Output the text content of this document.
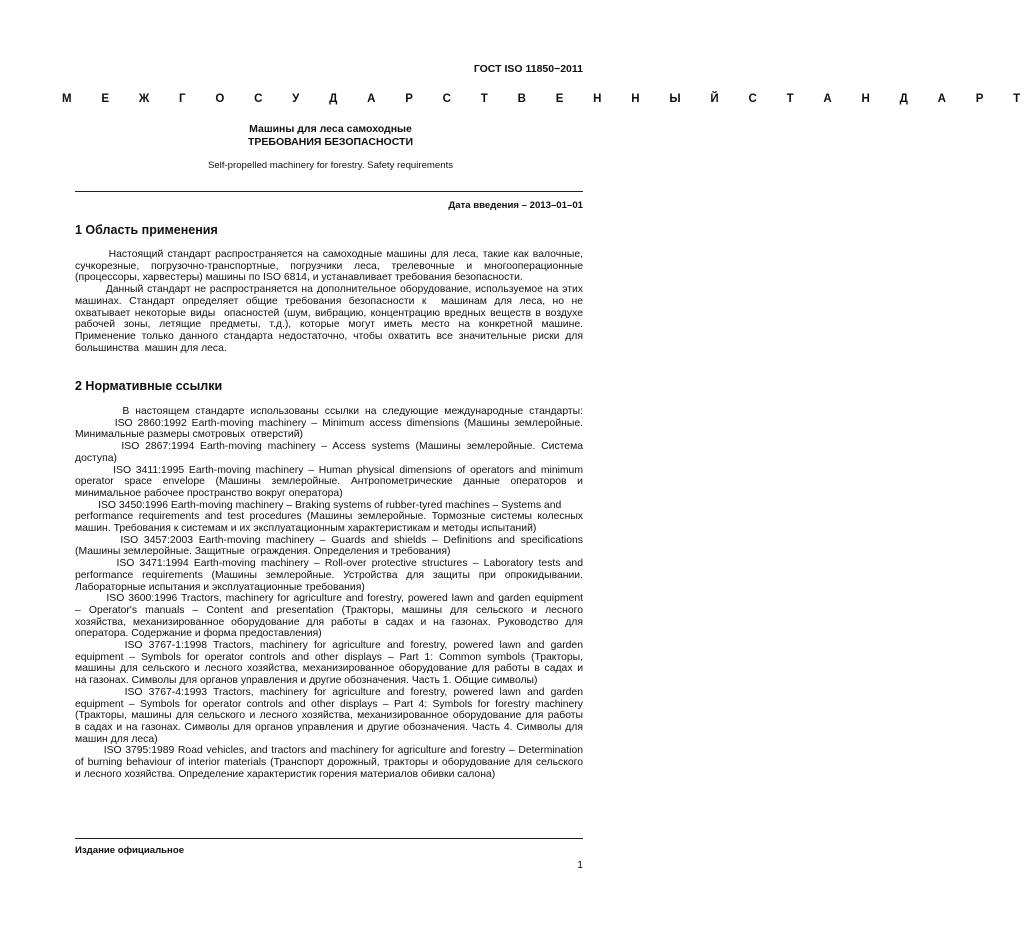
ГОСТ ISO 11850−2011
М Е Ж Г О С У Д А Р С Т В Е Н Н Ы Й С Т А Н Д А Р Т
Машины для леса самоходные
ТРЕБОВАНИЯ БЕЗОПАСНОСТИ
Self-propelled machinery for forestry. Safety requirements
Дата введения – 2013–01–01
1 Область применения
Настоящий стандарт распространяется на самоходные машины для леса, такие как валочные,
сучкорезные, погрузочно-транспортные, погрузчики леса, трелевочные и многооперационные
(процессоры, харвестеры) машины по ISO 6814, и устанавливает требования безопасности.
Данный стандарт не распространяется на дополнительное оборудование, используемое на этих
машинах. Стандарт определяет общие требования безопасности к  машинам для леса, но не
охватывает некоторые виды  опасностей (шум, вибрацию, концентрацию вредных веществ в воздухе
рабочей зоны, летящие предметы, т.д.), которые могут иметь место на конкретной машине.
Применение только данного стандарта недостаточно, чтобы охватить все значительные риски для
большинства  машин для леса.
2 Нормативные ссылки
В настоящем стандарте использованы ссылки на следующие международные стандарты:
ISO 2860:1992 Earth-moving machinery – Minimum access dimensions (Машины землеройные.
Минимальные размеры смотровых  отверстий)
ISO 2867:1994 Earth-moving machinery – Access systems (Машины землеройные. Система
доступа)
ISO 3411:1995 Earth-moving machinery – Human physical dimensions of operators and minimum
operator space envelope (Машины землеройные. Антропометрические данные операторов и
минимальное рабочее пространство вокруг оператора)
ISO 3450:1996 Earth-moving machinery – Braking systems of rubber-tyred machines – Systems and
performance requirements and test procedures (Машины землеройные. Тормозные системы колесных
машин. Требования к системам и их эксплуатационным характеристикам и методы испытаний)
ISO 3457:2003 Earth-moving machinery – Guards and shields – Definitions and specifications
(Машины землеройные. Защитные  ограждения. Определения и требования)
ISO 3471:1994 Earth-moving machinery – Roll-over protective structures – Laboratory tests and
performance requirements (Машины землеройные. Устройства для защиты при опрокидывании.
Лабораторные испытания и эксплуатационные требования)
ISO 3600:1996 Tractors, machinery for agriculture and forestry, powered lawn and garden equipment
– Operator's manuals – Content and presentation (Тракторы, машины для сельского и лесного
хозяйства, механизированное оборудование для работы в садах и на газонах. Руководство для
оператора. Содержание и форма предоставления)
ISO 3767-1:1998 Tractors, machinery for agriculture and forestry, powered lawn and garden
equipment – Symbols for operator controls and other displays – Part 1: Common symbols (Тракторы,
машины для сельского и лесного хозяйства, механизированное оборудование для работы в садах и
на газонах. Символы для органов управления и другие обозначения. Часть 1. Общие символы)
ISO 3767-4:1993 Tractors, machinery for agriculture and forestry, powered lawn and garden
equipment – Symbols for operator controls and other displays – Part 4: Symbols for forestry machinery
(Тракторы, машины для сельского и лесного хозяйства, механизированное оборудование для работы
в садах и на газонах. Символы для органов управления и другие обозначения. Часть 4. Символы для
машин для леса)
ISO 3795:1989 Road vehicles, and tractors and machinery for agriculture and forestry – Determination
of burning behaviour of interior materials (Транспорт дорожный, тракторы и оборудование для сельского
и лесного хозяйства. Определение характеристик горения материалов обивки салона)
Издание официальное
1
